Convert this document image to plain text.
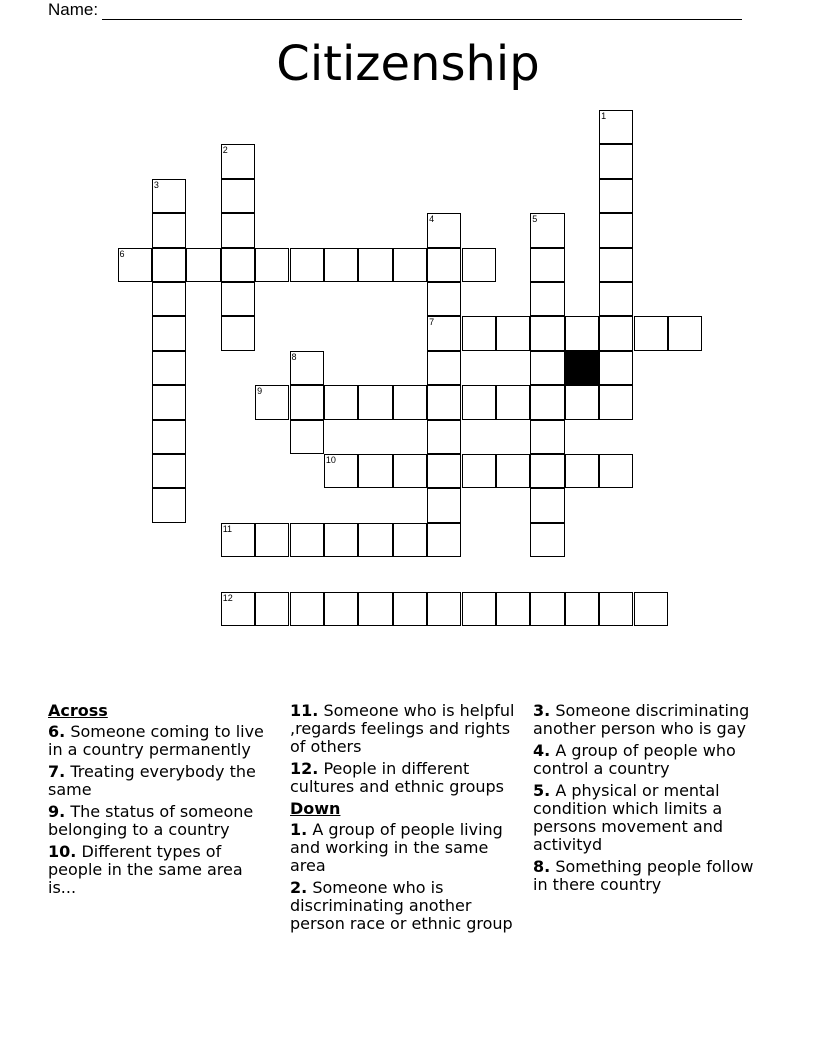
Name:
Citizenship
1
2
3
4
7
5
8
6
9
10
11
12
Across
6. Someone coming to live in a country permanently
7. Treating everybody the same
9. The status of someone belonging to a country
10. Different types of people in the same area is...
11. Someone who is helpful ,regards feelings and rights of others
12. People in different cultures and ethnic groups
Down
1. A group of people living and working in the same area
2. Someone who is discriminating another person race or ethnic group
3. Someone discriminating another person who is gay
4. A group of people who control a country
5. A physical or mental condition which limits a persons movement and activityd
8. Something people follow in there country
